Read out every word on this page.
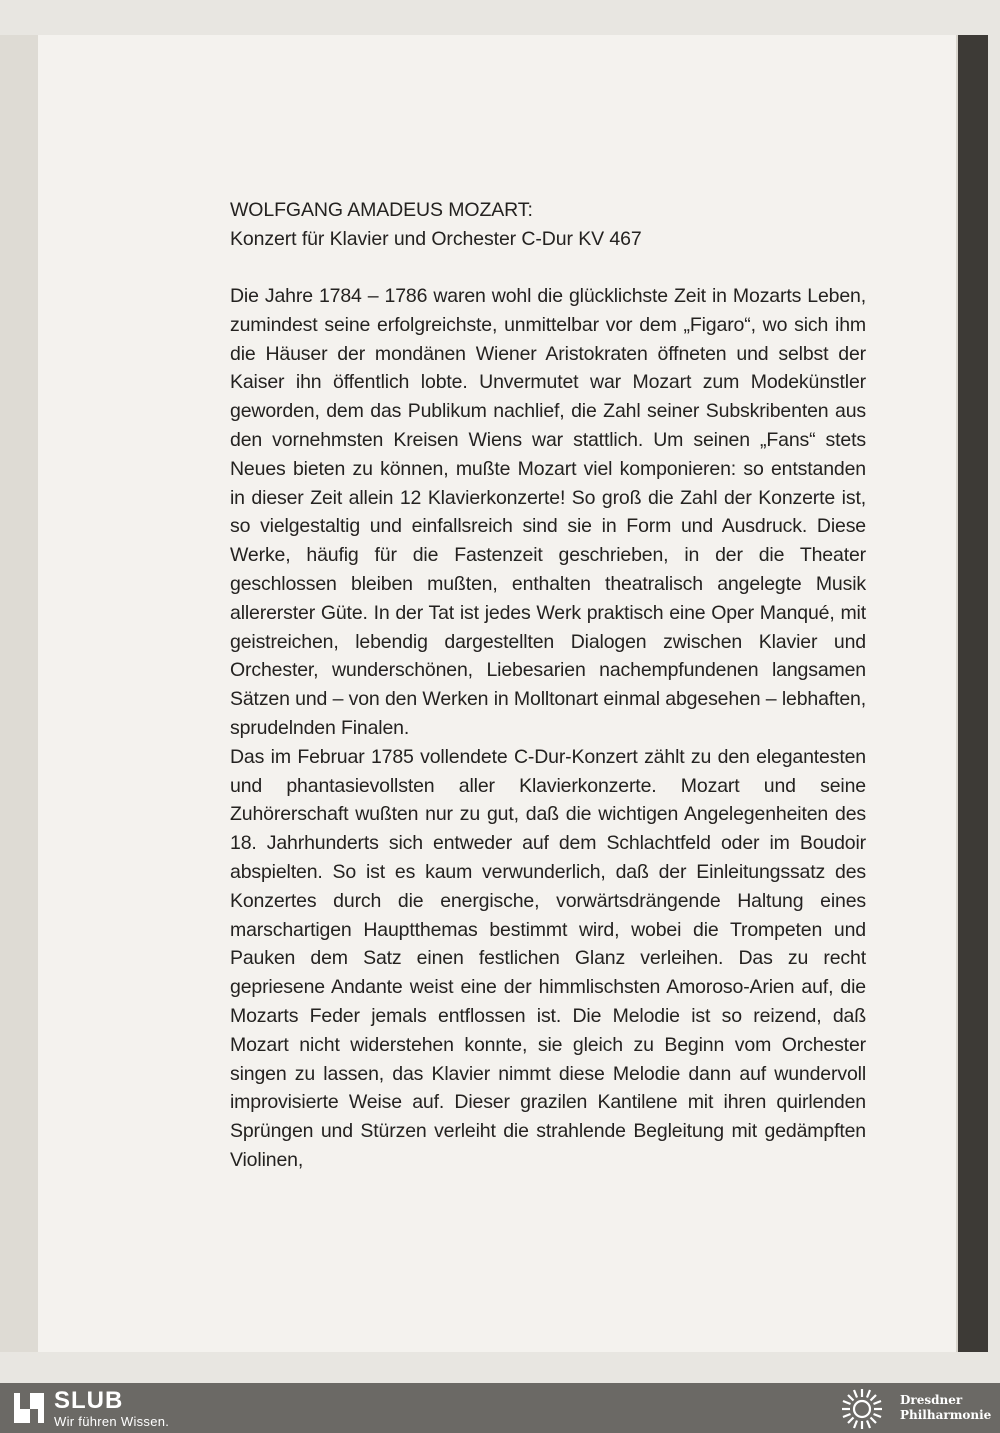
WOLFGANG AMADEUS MOZART:

Konzert für Klavier und Orchester C-Dur KV 467

Die Jahre 1784 – 1786 waren wohl die glücklichste Zeit in Mozarts Leben, zumindest seine erfolgreichste, unmittelbar vor dem „Figaro“, wo sich ihm die Häuser der mondänen Wiener Aristokraten öffneten und selbst der Kaiser ihn öffentlich lobte. Unvermutet war Mozart zum Modekünstler geworden, dem das Publikum nachlief, die Zahl seiner Subskribenten aus den vornehmsten Kreisen Wiens war stattlich. Um seinen „Fans“ stets Neues bieten zu können, mußte Mozart viel komponieren: so entstanden in dieser Zeit allein 12 Klavierkonzerte! So groß die Zahl der Konzerte ist, so vielgestaltig und einfallsreich sind sie in Form und Ausdruck. Diese Werke, häufig für die Fastenzeit geschrieben, in der die Theater geschlossen bleiben mußten, enthalten theatralisch angelegte Musik allererster Güte. In der Tat ist jedes Werk praktisch eine Oper Manqué, mit geistreichen, lebendig dargestellten Dialogen zwischen Klavier und Orchester, wunderschönen, Liebesarien nachempfundenen langsamen Sätzen und – von den Werken in Molltonart einmal abgesehen – lebhaften, sprudelnden Finalen.

Das im Februar 1785 vollendete C-Dur-Konzert zählt zu den elegantesten und phantasievollsten aller Klavierkonzerte. Mozart und seine Zuhörerschaft wußten nur zu gut, daß die wichtigen Angelegenheiten des 18. Jahrhunderts sich entweder auf dem Schlachtfeld oder im Boudoir abspielten. So ist es kaum verwunderlich, daß der Einleitungssatz des Konzertes durch die energische, vorwärtsdrängende Haltung eines marschartigen Hauptthemas bestimmt wird, wobei die Trompeten und Pauken dem Satz einen festlichen Glanz verleihen. Das zu recht gepriesene Andante weist eine der himmlischsten Amoroso-Arien auf, die Mozarts Feder jemals entflossen ist. Die Melodie ist so reizend, daß Mozart nicht widerstehen konnte, sie gleich zu Beginn vom Orchester singen zu lassen, das Klavier nimmt diese Melodie dann auf wundervoll improvisierte Weise auf. Dieser grazilen Kantilene mit ihren quirlenden Sprüngen und Stürzen verleiht die strahlende Begleitung mit gedämpften Violinen,

SLUB
Wir führen Wissen.
Dresdner
Philharmonie
